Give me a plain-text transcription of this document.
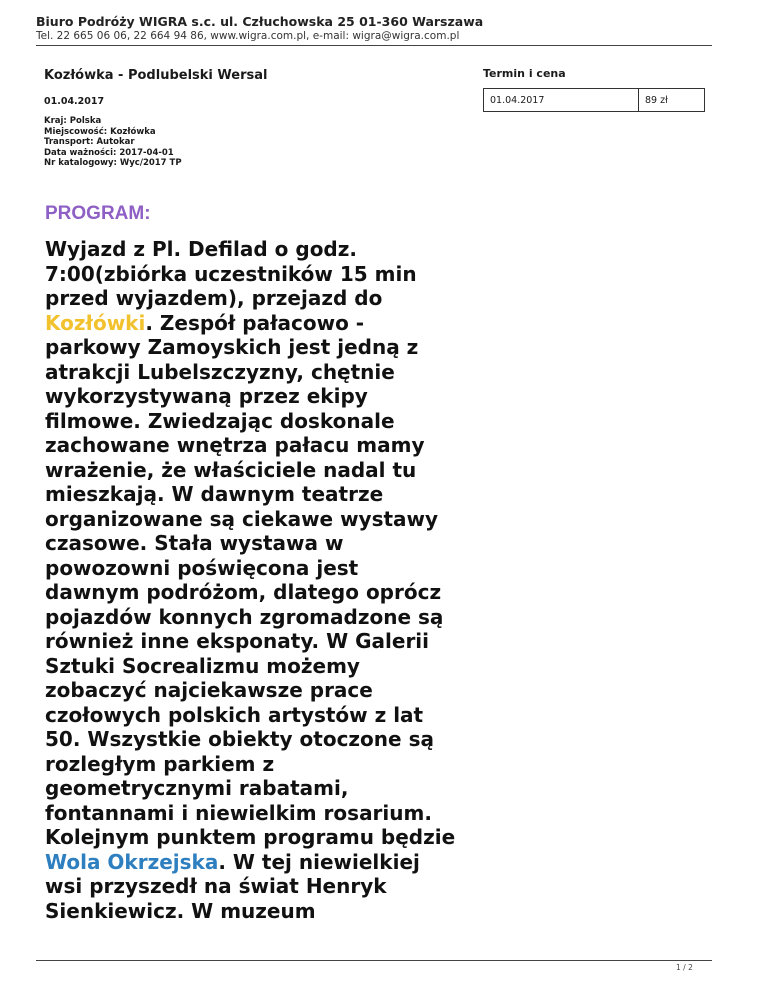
Biuro Podróży WIGRA s.c. ul. Człuchowska 25 01-360 Warszawa
Tel. 22 665 06 06, 22 664 94 86, www.wigra.com.pl, e-mail: wigra@wigra.com.pl
Kozłówka - Podlubelski Wersal
01.04.2017
Kraj: Polska
Miejscowość: Kozłówka
Transport: Autokar
Data ważności: 2017-04-01
Nr katalogowy: Wyc/2017 TP
Termin i cena
01.04.2017	89 zł
PROGRAM:

Wyjazd z Pl. Defilad o godz.
7:00(zbiórka uczestników 15 min
przed wyjazdem), przejazd do
Kozłówki. Zespół pałacowo -
parkowy Zamoyskich jest jedną z
atrakcji Lubelszczyzny, chętnie
wykorzystywaną przez ekipy
filmowe. Zwiedzając doskonale
zachowane wnętrza pałacu mamy
wrażenie, że właściciele nadal tu
mieszkają. W dawnym teatrze
organizowane są ciekawe wystawy
czasowe. Stała wystawa w
powozowni poświęcona jest
dawnym podróżom, dlatego oprócz
pojazdów konnych zgromadzone są
również inne eksponaty. W Galerii
Sztuki Socrealizmu możemy
zobaczyć najciekawsze prace
czołowych polskich artystów z lat
50. Wszystkie obiekty otoczone są
rozległym parkiem z
geometrycznymi rabatami,
fontannami i niewielkim rosarium.
Kolejnym punktem programu będzie
Wola Okrzejska. W tej niewielkiej
wsi przyszedł na świat Henryk
Sienkiewicz. W muzeum

1 / 2
